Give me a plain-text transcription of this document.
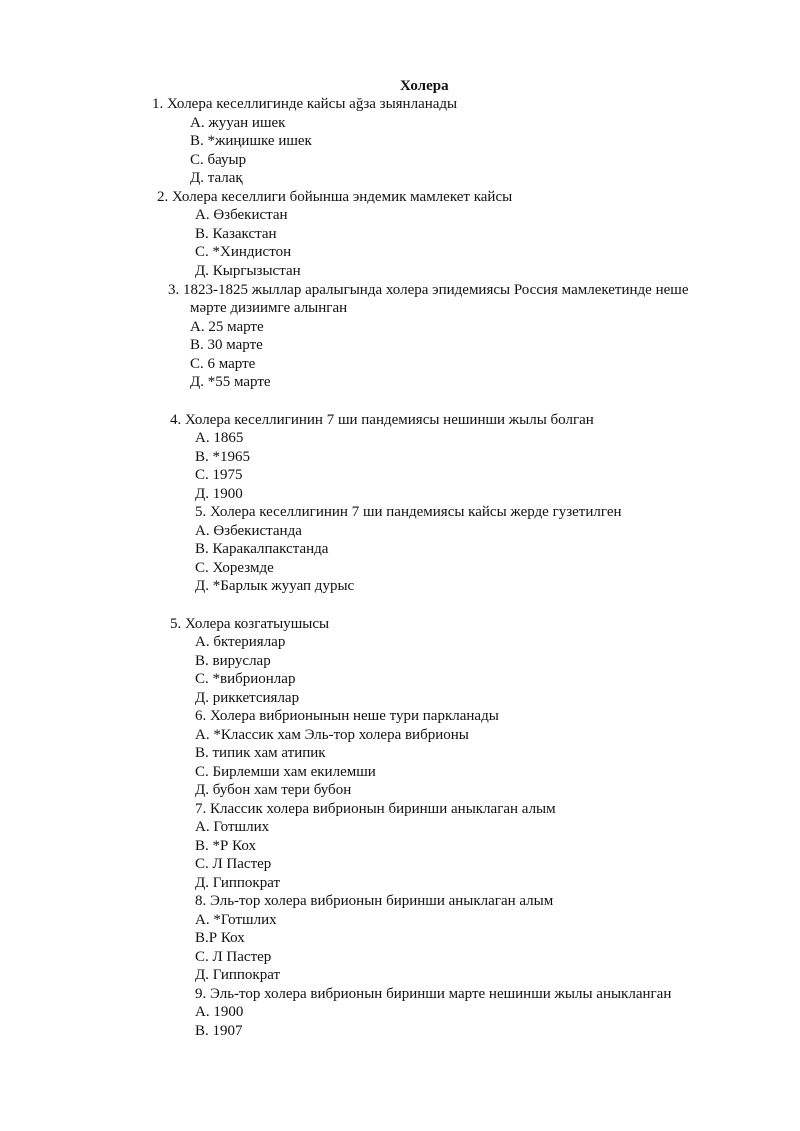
Холера
1. Холера кеселлигинде кайсы ağза зыянланады
А. жууан ишек
В. *жиңишке ишек
С. бауыр
Д. талақ
2. Холера кеселлиги бойынша эндемик мамлекет кайсы
А. Өзбекистан
В. Казакстан
С. *Хиндистон
Д. Кыргызыстан
3. 1823-1825 жыллар аралыгында холера эпидемиясы Россия мамлекетинде неше
мәрте дизиимге алынган
А. 25 марте
В. 30 марте
С. 6 марте
Д. *55 марте
4. Холера кеселлигинин 7 ши пандемиясы нешинши жылы болган
А. 1865
В. *1965
С. 1975
Д. 1900
5. Холера кеселлигинин 7 ши пандемиясы кайсы жерде гузетилген
А. Өзбекистанда
В. Каракалпакстанда
С. Хорезмде
Д. *Барлык жууап дурыс
5. Холера козгатыушысы
А. бктериялар
В. вируслар
С. *вибрионлар
Д. риккетсиялар
6. Холера вибрионынын неше тури паркланады
А. *Классик хам Эль-тор холера вибрионы
В. типик хам атипик
С. Бирлемши хам екилемши
Д. бубон хам тери бубон
7. Классик холера вибрионын биринши аныклаган алым
А. Готшлих
В. *Р Кох
С. Л Пастер
Д. Гиппократ
8. Эль-тор холера вибрионын биринши аныклаган алым
А. *Готшлих
В.Р Кох
С. Л Пастер
Д. Гиппократ
9. Эль-тор холера вибрионын биринши марте нешинши жылы аныкланган
А. 1900
В. 1907
